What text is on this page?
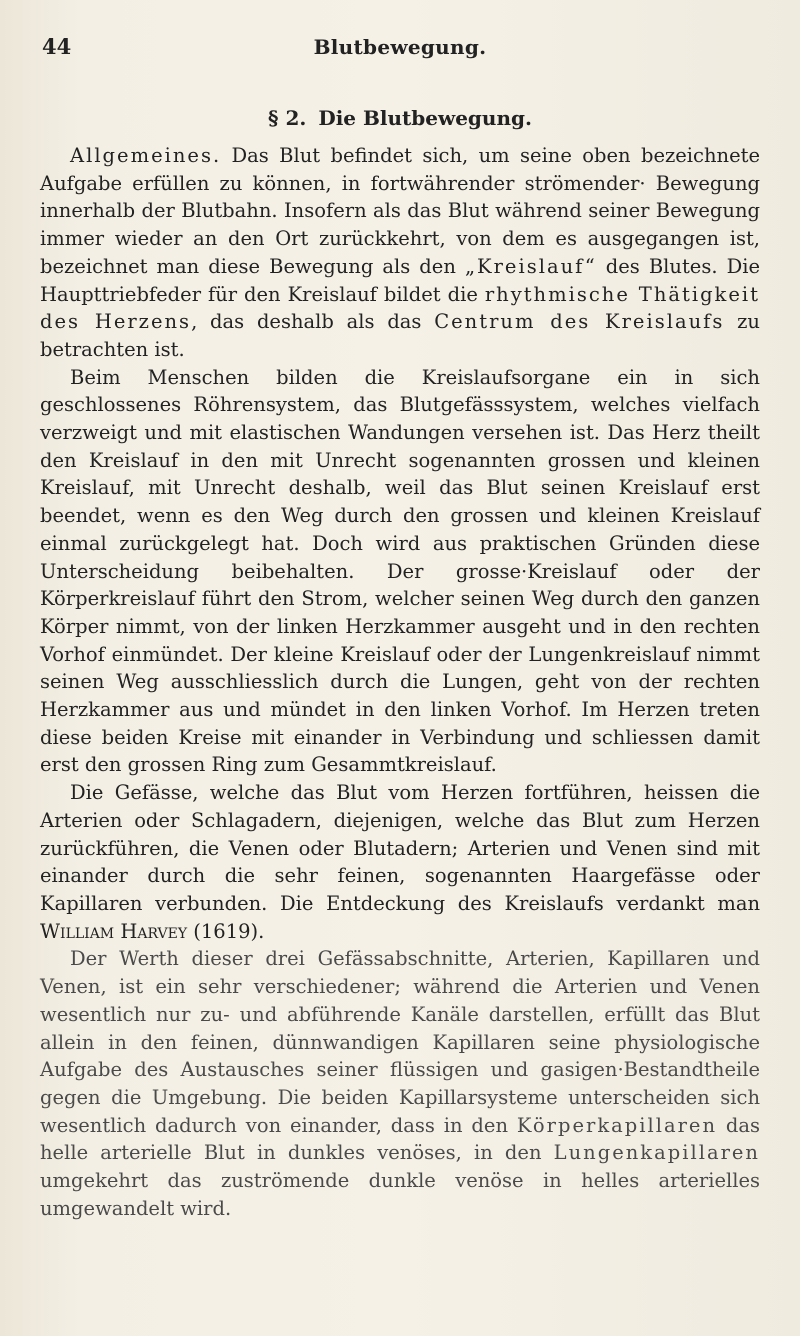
44	Blutbewegung.
§ 2. Die Blutbewegung.

Allgemeines. Das Blut befindet sich, um seine oben bezeichnete Aufgabe erfüllen zu können, in fortwährender strömender· Bewegung innerhalb der Blutbahn. Insofern als das Blut während seiner Bewegung immer wieder an den Ort zurückkehrt, von dem es ausgegangen ist, bezeichnet man diese Bewegung als den „Kreislauf“ des Blutes. Die Haupttriebfeder für den Kreislauf bildet die rhythmische Thätigkeit des Herzens, das deshalb als das Centrum des Kreislaufs zu betrachten ist.

Beim Menschen bilden die Kreislaufsorgane ein in sich geschlossenes Röhrensystem, das Blutgefässsystem, welches vielfach verzweigt und mit elastischen Wandungen versehen ist. Das Herz theilt den Kreislauf in den mit Unrecht sogenannten grossen und kleinen Kreislauf, mit Unrecht deshalb, weil das Blut seinen Kreislauf erst beendet, wenn es den Weg durch den grossen und kleinen Kreislauf einmal zurückgelegt hat. Doch wird aus praktischen Gründen diese Unterscheidung beibehalten. Der grosse·Kreislauf oder der Körperkreislauf führt den Strom, welcher seinen Weg durch den ganzen Körper nimmt, von der linken Herzkammer ausgeht und in den rechten Vorhof einmündet. Der kleine Kreislauf oder der Lungenkreislauf nimmt seinen Weg ausschliesslich durch die Lungen, geht von der rechten Herzkammer aus und mündet in den linken Vorhof. Im Herzen treten diese beiden Kreise mit einander in Verbindung und schliessen damit erst den grossen Ring zum Gesammtkreislauf.

Die Gefässe, welche das Blut vom Herzen fortführen, heissen die Arterien oder Schlagadern, diejenigen, welche das Blut zum Herzen zurückführen, die Venen oder Blutadern; Arterien und Venen sind mit einander durch die sehr feinen, sogenannten Haargefässe oder Kapillaren verbunden. Die Entdeckung des Kreislaufs verdankt man William Harvey (1619).

Der Werth dieser drei Gefässabschnitte, Arterien, Kapillaren und Venen, ist ein sehr verschiedener; während die Arterien und Venen wesentlich nur zu- und abführende Kanäle darstellen, erfüllt das Blut allein in den feinen, dünnwandigen Kapillaren seine physiologische Aufgabe des Austausches seiner flüssigen und gasigen·Bestandtheile gegen die Umgebung. Die beiden Kapillarsysteme unterscheiden sich wesentlich dadurch von einander, dass in den Körperkapillaren das helle arterielle Blut in dunkles venöses, in den Lungenkapillaren umgekehrt das zuströmende dunkle venöse in helles arterielles umgewandelt wird.
